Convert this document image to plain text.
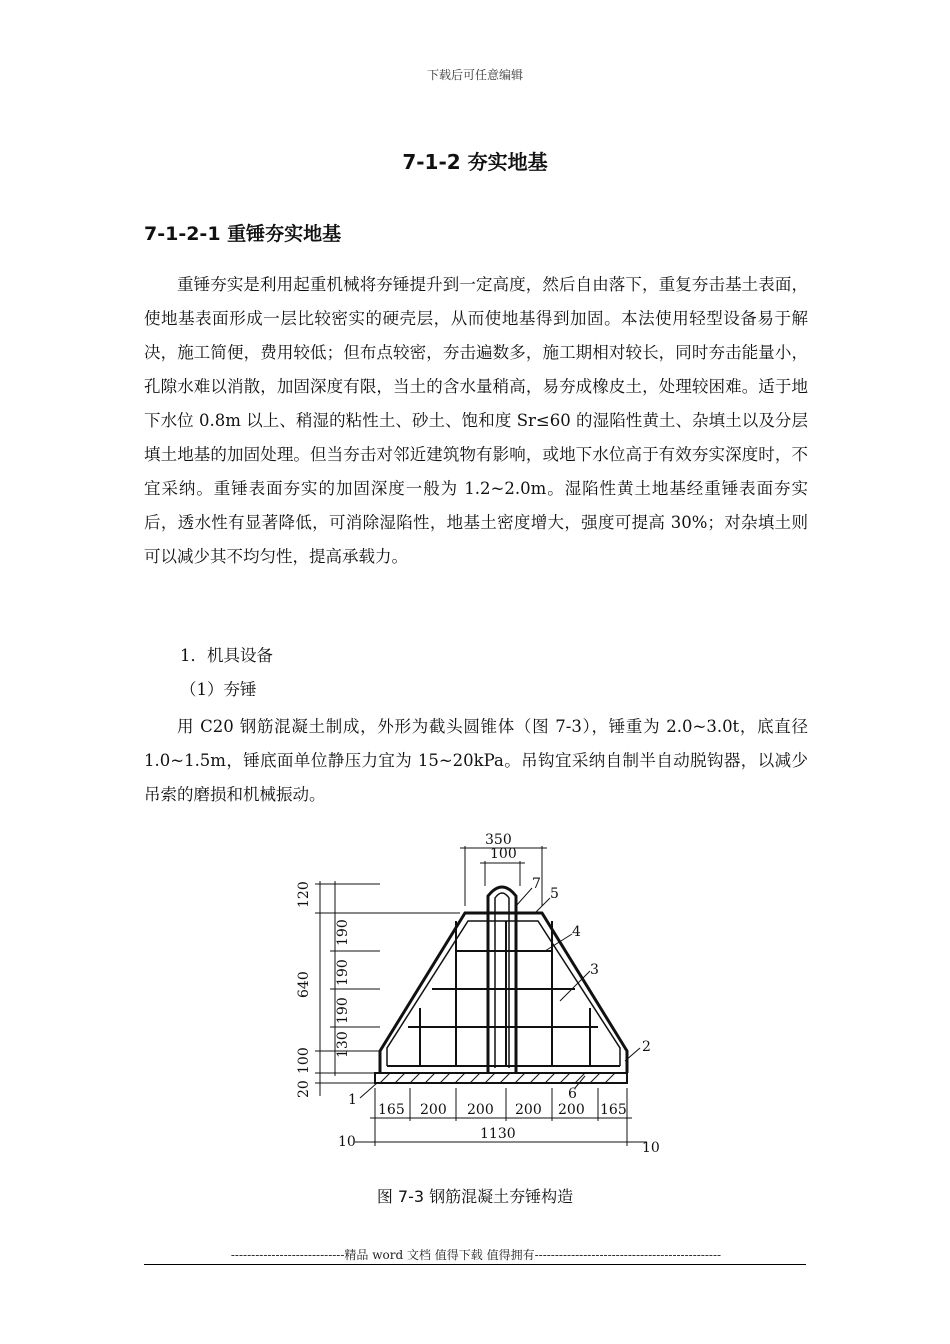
下载后可任意编辑
7-1-2 夯实地基
7-1-2-1 重锤夯实地基

重锤夯实是利用起重机械将夯锤提升到一定高度，然后自由落下，重复夯击基土表面，使地基表面形成一层比较密实的硬壳层，从而使地基得到加固。本法使用轻型设备易于解决，施工简便，费用较低；但布点较密，夯击遍数多，施工期相对较长，同时夯击能量小，孔隙水难以消散，加固深度有限，当土的含水量稍高，易夯成橡皮土，处理较困难。适于地下水位 0.8m 以上、稍湿的粘性土、砂土、饱和度 Sr≤60 的湿陷性黄土、杂填土以及分层填土地基的加固处理。但当夯击对邻近建筑物有影响，或地下水位高于有效夯实深度时，不宜采纳。重锤表面夯实的加固深度一般为 1.2~2.0m。湿陷性黄土地基经重锤表面夯实后，透水性有显著降低，可消除湿陷性，地基土密度增大，强度可提高 30%；对杂填土则可以减少其不均匀性，提高承载力。

1．机具设备
（1）夯锤

用 C20 钢筋混凝土制成，外形为截头圆锥体（图 7-3），锤重为 2.0~3.0t，底直径 1.0~1.5m，锤底面单位静压力宜为 15~20kPa。吊钩宜采纳自制半自动脱钩器，以减少吊索的磨损和机械振动。

350
100
120
190
190
190
130
640
100
20
165 200 200 200 200 165
1130
10	10
7
5
4
3
2
6
1
图 7-3 钢筋混凝土夯锤构造
----------------------------精品 word 文档 值得下载 值得拥有----------------------------------------------
